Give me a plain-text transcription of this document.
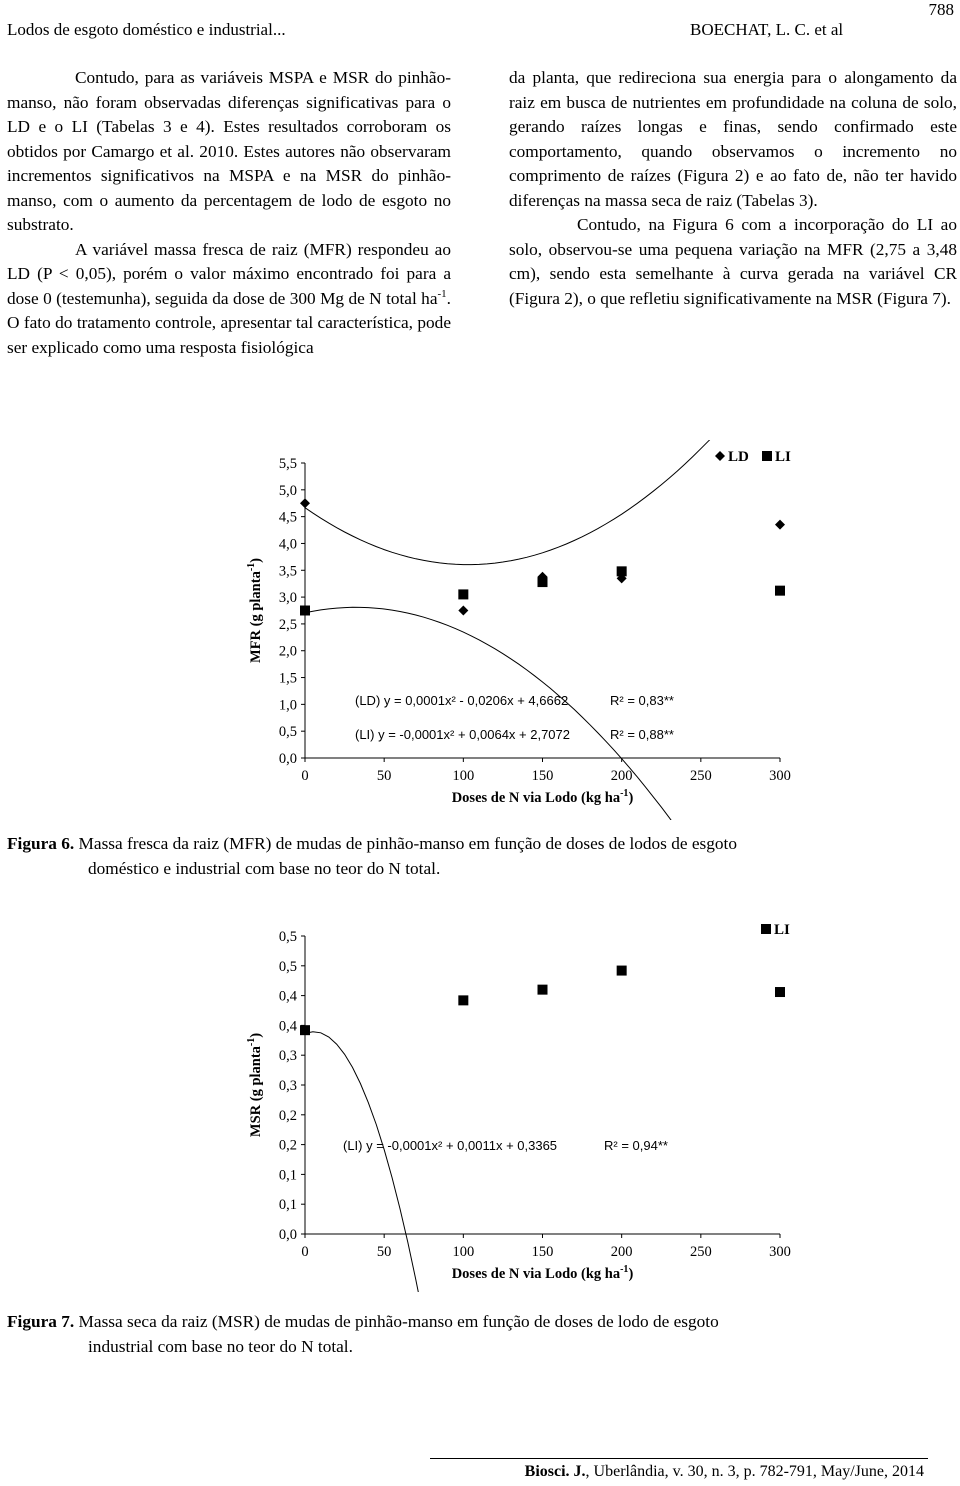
Lodos de esgoto doméstico e industrial...	BOECHAT, L. C. et al
788

Contudo, para as variáveis MSPA e MSR do pinhão-manso, não foram observadas diferenças significativas para o LD e o LI (Tabelas 3 e 4). Estes resultados corroboram os obtidos por Camargo et al. 2010. Estes autores não observaram incrementos significativos na MSPA e na MSR do pinhão-manso, com o aumento da percentagem de lodo de esgoto no substrato.

A variável massa fresca de raiz (MFR) respondeu ao LD (P < 0,05), porém o valor máximo encontrado foi para a dose 0 (testemunha), seguida da dose de 300 Mg de N total $ha^{-1}$. O fato do tratamento controle, apresentar tal característica, pode ser explicado como uma resposta fisiológica

da planta, que redireciona sua energia para o alongamento da raiz em busca de nutrientes em profundidade na coluna de solo, gerando raízes longas e finas, sendo confirmado este comportamento, quando observamos o incremento no comprimento de raízes (Figura 2) e ao fato de, não ter havido diferenças na massa seca de raiz (Tabelas 3).

Contudo, na Figura 6 com a incorporação do LI ao solo, observou-se uma pequena variação na MFR (2,75 a 3,48 cm), sendo esta semelhante à curva gerada na variável CR (Figura 2), o que refletiu significativamente na MSR (Figura 7).

0,0
0,5
1,0
1,5
2,0
2,5
3,0
3,5
4,0
4,5
5,0
5,5
0	50	100	150	200	250	300
Doses de N via Lodo (kg $ha^{-1}$)
MFR (g planta$^{-1}$)
(LD) y = 0,0001x² - 0,0206x + 4,6662	R² = 0,83**
LD
(LI) y = -0,0001x² + 0,0064x + 2,7072	R² = 0,88**
LI
Figura 6. Massa fresca da raiz (MFR) de mudas de pinhão-manso em função de doses de lodos de esgoto
doméstico e industrial com base no teor do N total.
0,0
0,1
0,1
0,2
0,2
0,3
0,3
0,4
0,4
0,5
0,5
0	50	100	150	200	250	300
Doses de N via Lodo (kg $ha^{-1}$)
MSR (g planta$^{-1}$)
(LI) y = -0,0001x² + 0,0011x + 0,3365	R² = 0,94**
LI
Figura 7. Massa seca da raiz (MSR) de mudas de pinhão-manso em função de doses de lodo de esgoto
industrial com base no teor do N total.
Biosci. J., Uberlândia, v. 30, n. 3, p. 782-791, May/June, 2014
